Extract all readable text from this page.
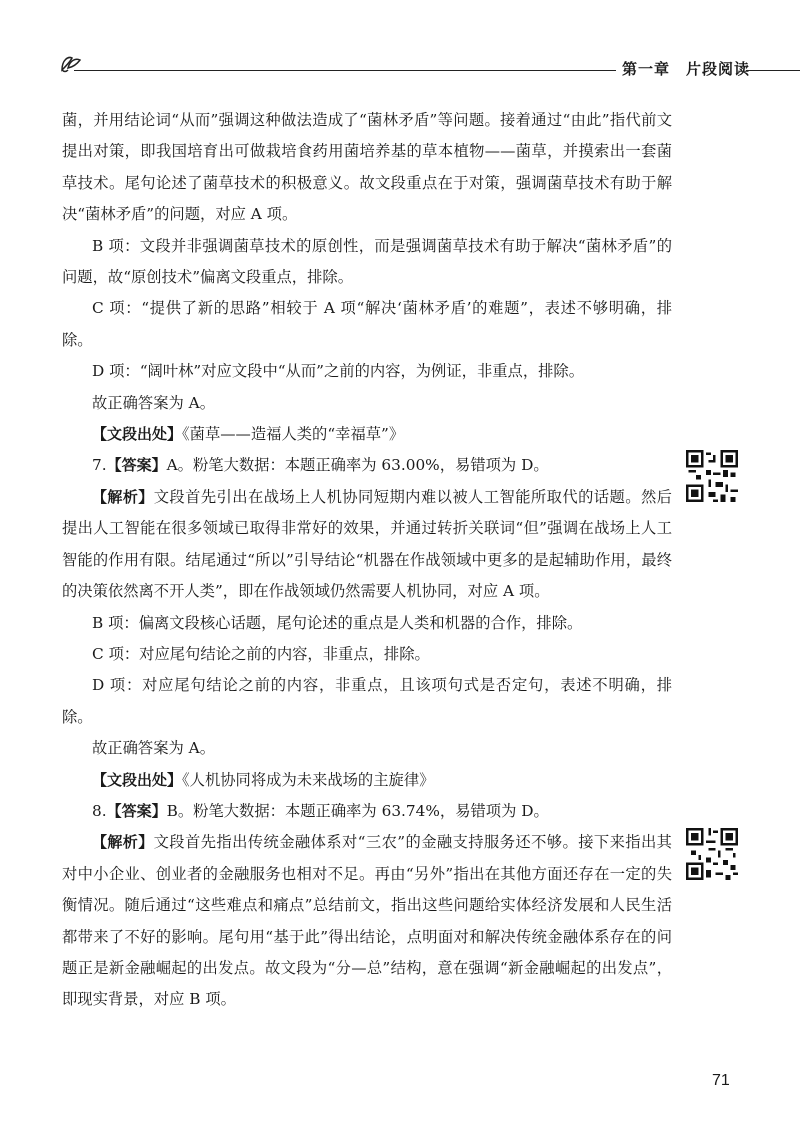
第一章　片段阅读

菌，并用结论词“从而”强调这种做法造成了“菌林矛盾”等问题。接着通过“由此”指代前文提出对策，即我国培育出可做栽培食药用菌培养基的草本植物——菌草，并摸索出一套菌草技术。尾句论述了菌草技术的积极意义。故文段重点在于对策，强调菌草技术有助于解决“菌林矛盾”的问题，对应 A 项。

B 项：文段并非强调菌草技术的原创性，而是强调菌草技术有助于解决“菌林矛盾”的问题，故“原创技术”偏离文段重点，排除。

C 项：“提供了新的思路”相较于 A 项“解决‘菌林矛盾’的难题”，表述不够明确，排除。

D 项：“阔叶林”对应文段中“从而”之前的内容，为例证，非重点，排除。

故正确答案为 A。

【文段出处】《菌草——造福人类的“幸福草”》

7.【答案】A。粉笔大数据：本题正确率为 63.00%，易错项为 D。

【解析】文段首先引出在战场上人机协同短期内难以被人工智能所取代的话题。然后提出人工智能在很多领域已取得非常好的效果，并通过转折关联词“但”强调在战场上人工智能的作用有限。结尾通过“所以”引导结论“机器在作战领域中更多的是起辅助作用，最终的决策依然离不开人类”，即在作战领域仍然需要人机协同，对应 A 项。

B 项：偏离文段核心话题，尾句论述的重点是人类和机器的合作，排除。

C 项：对应尾句结论之前的内容，非重点，排除。

D 项：对应尾句结论之前的内容，非重点，且该项句式是否定句，表述不明确，排除。

故正确答案为 A。

【文段出处】《人机协同将成为未来战场的主旋律》

8.【答案】B。粉笔大数据：本题正确率为 63.74%，易错项为 D。

【解析】文段首先指出传统金融体系对“三农”的金融支持服务还不够。接下来指出其对中小企业、创业者的金融服务也相对不足。再由“另外”指出在其他方面还存在一定的失衡情况。随后通过“这些难点和痛点”总结前文，指出这些问题给实体经济发展和人民生活都带来了不好的影响。尾句用“基于此”得出结论，点明面对和解决传统金融体系存在的问题正是新金融崛起的出发点。故文段为“分—总”结构，意在强调“新金融崛起的出发点”，即现实背景，对应 B 项。

71
